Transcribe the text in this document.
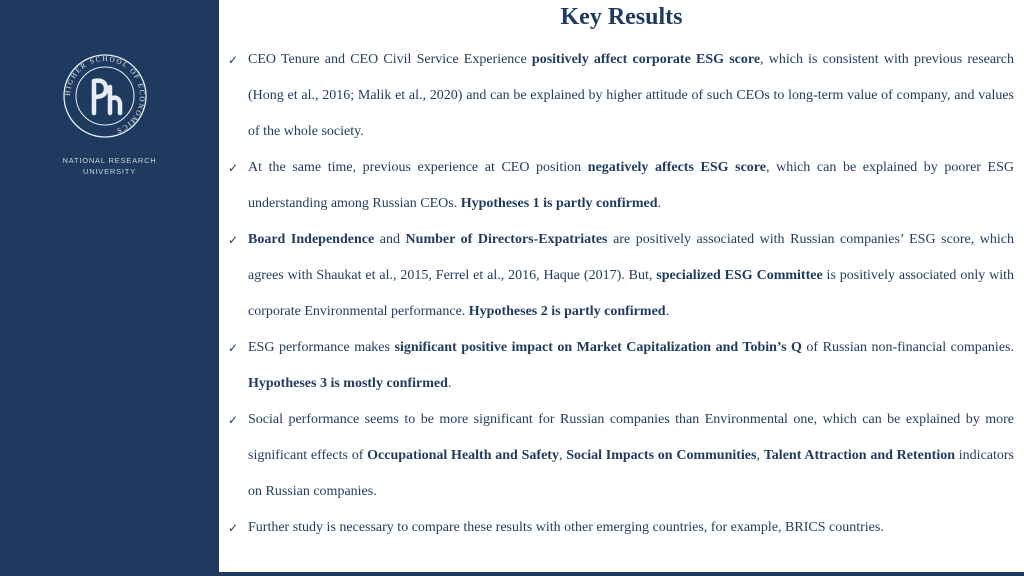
HIGHER SCHOOL OF ECONOMICS
NATIONAL RESEARCH
UNIVERSITY
Key Results
✓ CEO Tenure and CEO Civil Service Experience positively affect corporate ESG score, which is consistent with previous research (Hong et al., 2016; Malik et al., 2020) and can be explained by higher attitude of such CEOs to long-term value of company, and values of the whole society.
✓ At the same time, previous experience at CEO position negatively affects ESG score, which can be explained by poorer ESG understanding among Russian CEOs. Hypotheses 1 is partly confirmed.
✓ Board Independence and Number of Directors-Expatriates are positively associated with Russian companies’ ESG score, which agrees with Shaukat et al., 2015, Ferrel et al., 2016, Haque (2017). But, specialized ESG Committee is positively associated only with corporate Environmental performance. Hypotheses 2 is partly confirmed.
✓ ESG performance makes significant positive impact on Market Capitalization and Tobin’s Q of Russian non-financial companies. Hypotheses 3 is mostly confirmed.
✓ Social performance seems to be more significant for Russian companies than Environmental one, which can be explained by more significant effects of Occupational Health and Safety, Social Impacts on Communities, Talent Attraction and Retention indicators on Russian companies.
✓ Further study is necessary to compare these results with other emerging countries, for example, BRICS countries.
